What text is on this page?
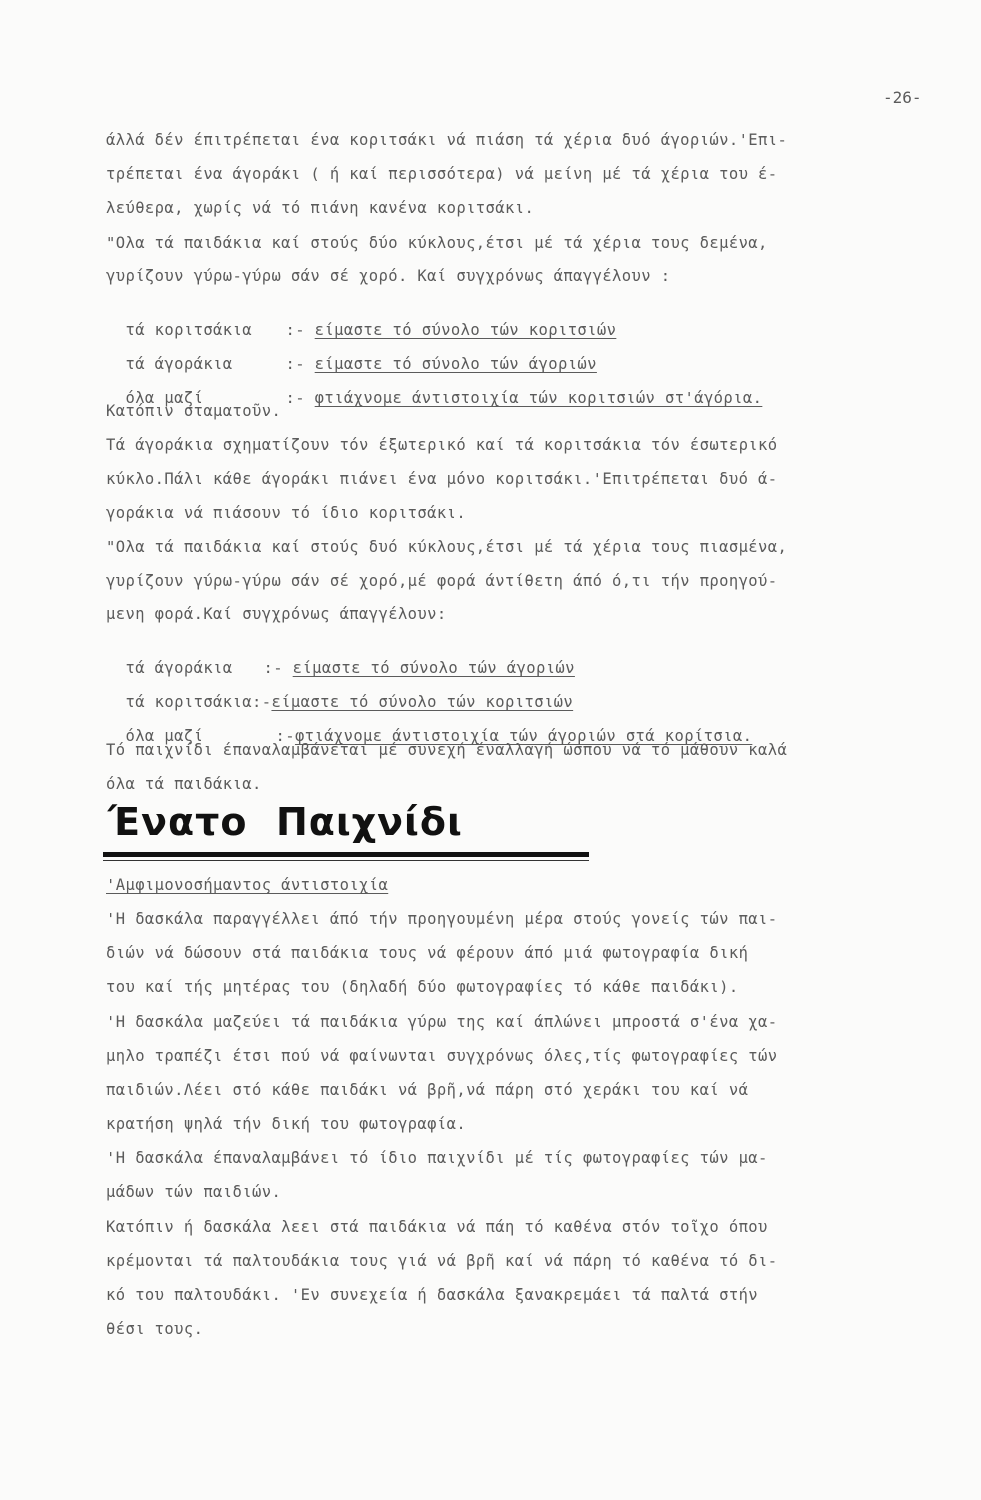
-26-
άλλά δέν έπιτρέπεται ένα κοριτσάκι νά πιάση τά χέρια δυό άγοριών.'Επι-
τρέπεται ένα άγοράκι ( ή καί περισσότερα) νά μείνη μέ τά χέρια του έ-
λεύθερα, χωρίς νά τό πιάνη κανένα κοριτσάκι.
"Ολα τά παιδάκια καί στούς δύο κύκλους,έτσι μέ τά χέρια τους δεμένα,
γυρίζουν γύρω-γύρω σάν σέ χορό. Καί συγχρόνως άπαγγέλουν :

τά κοριτσάκια :- είμαστε τό σύνολο τών κοριτσιών

τά άγοράκια	:- είμαστε τό σύνολο τών άγοριών

όλα μαζί	:- φτιάχνομε άντιστοιχία τών κοριτσιών στ'άγόρια.

Κατόπιν σταματοῦν.
Τά άγοράκια σχηματίζουν τόν έξωτερικό καί τά κοριτσάκια τόν έσωτερικό
κύκλο.Πάλι κάθε άγοράκι πιάνει ένα μόνο κοριτσάκι.'Επιτρέπεται δυό ά-
γοράκια νά πιάσουν τό ίδιο κοριτσάκι.
"Ολα τά παιδάκια καί στούς δυό κύκλους,έτσι μέ τά χέρια τους πιασμένα,
γυρίζουν γύρω-γύρω σάν σέ χορό,μέ φορά άντίθετη άπό ό,τι τήν προηγού-
μενη φορά.Καί συγχρόνως άπαγγέλουν:

τά άγοράκια :- είμαστε τό σύνολο τών άγοριών

τά κοριτσάκια:-είμαστε τό σύνολο τών κοριτσιών

όλα μαζί	:-φτιάχνομε άντιστοιχία τών άγοριών στά κορίτσια.

Τό παιχνίδι έπαναλαμβάνεται μέ συνεχή έναλλαγή ώσπου νά τό μάθουν καλά
όλα τά παιδάκια.
Ένατο  Παιχνίδι
'Αμφιμονοσήμαντος άντιστοιχία
'Η δασκάλα παραγγέλλει άπό τήν προηγουμένη μέρα στούς γονείς τών παι-
διών νά δώσουν στά παιδάκια τους νά φέρουν άπό μιά φωτογραφία δική
του καί τής μητέρας του (δηλαδή δύο φωτογραφίες τό κάθε παιδάκι).
'Η δασκάλα μαζεύει τά παιδάκια γύρω της καί άπλώνει μπροστά σ'ένα χα-
μηλο τραπέζι έτσι πού νά φαίνωνται συγχρόνως όλες,τίς φωτογραφίες τών
παιδιών.Λέει στό κάθε παιδάκι νά βρῆ,νά πάρη στό χεράκι του καί νά
κρατήση ψηλά τήν δική του φωτογραφία.
'Η δασκάλα έπαναλαμβάνει τό ίδιο παιχνίδι μέ τίς φωτογραφίες τών μα-
μάδων τών παιδιών.
Κατόπιν ή δασκάλα λεει στά παιδάκια νά πάη τό καθένα στόν τοῖχο όπου
κρέμονται τά παλτουδάκια τους γιά νά βρῆ καί νά πάρη τό καθένα τό δι-
κό του παλτουδάκι. 'Εν συνεχεία ή δασκάλα ξανακρεμάει τά παλτά στήν
θέσι τους.
